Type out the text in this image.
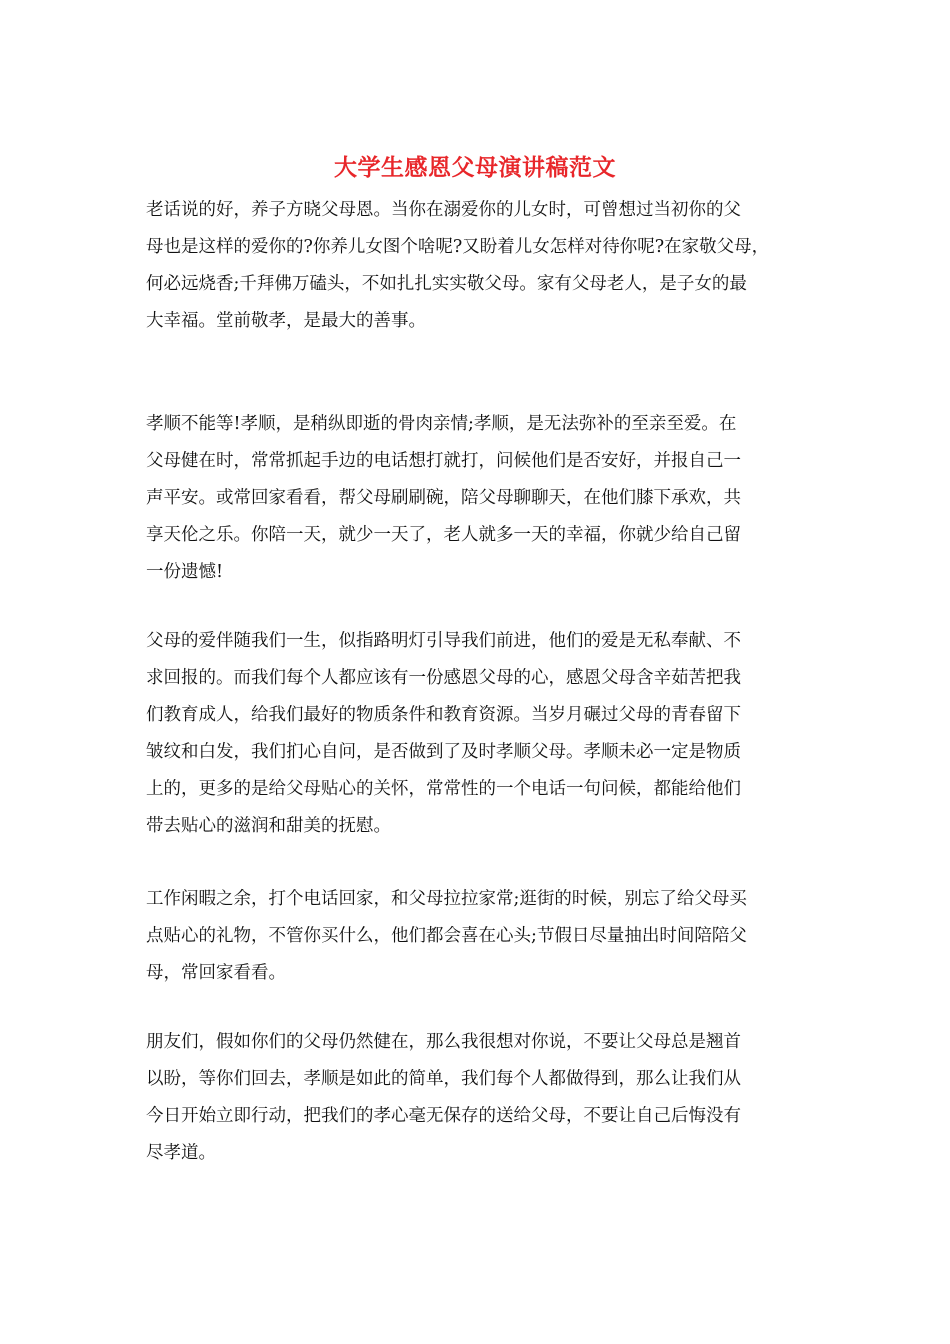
大学生感恩父母演讲稿范文
老话说的好，养子方晓父母恩。当你在溺爱你的儿女时，可曾想过当初你的父
母也是这样的爱你的?你养儿女图个啥呢?又盼着儿女怎样对待你呢?在家敬父母，
何必远烧香;千拜佛万磕头，不如扎扎实实敬父母。家有父母老人，是子女的最
大幸福。堂前敬孝，是最大的善事。
孝顺不能等!孝顺，是稍纵即逝的骨肉亲情;孝顺，是无法弥补的至亲至爱。在
父母健在时，常常抓起手边的电话想打就打，问候他们是否安好，并报自己一
声平安。或常回家看看，帮父母刷刷碗，陪父母聊聊天，在他们膝下承欢，共
享天伦之乐。你陪一天，就少一天了，老人就多一天的幸福，你就少给自己留
一份遗憾!
父母的爱伴随我们一生，似指路明灯引导我们前进，他们的爱是无私奉献、不
求回报的。而我们每个人都应该有一份感恩父母的心，感恩父母含辛茹苦把我
们教育成人，给我们最好的物质条件和教育资源。当岁月碾过父母的青春留下
皱纹和白发，我们扪心自问，是否做到了及时孝顺父母。孝顺未必一定是物质
上的，更多的是给父母贴心的关怀，常常性的一个电话一句问候，都能给他们
带去贴心的滋润和甜美的抚慰。
工作闲暇之余，打个电话回家，和父母拉拉家常;逛街的时候，别忘了给父母买
点贴心的礼物，不管你买什么，他们都会喜在心头;节假日尽量抽出时间陪陪父
母，常回家看看。
朋友们，假如你们的父母仍然健在，那么我很想对你说，不要让父母总是翘首
以盼，等你们回去，孝顺是如此的简单，我们每个人都做得到，那么让我们从
今日开始立即行动，把我们的孝心毫无保存的送给父母，不要让自己后悔没有
尽孝道。
